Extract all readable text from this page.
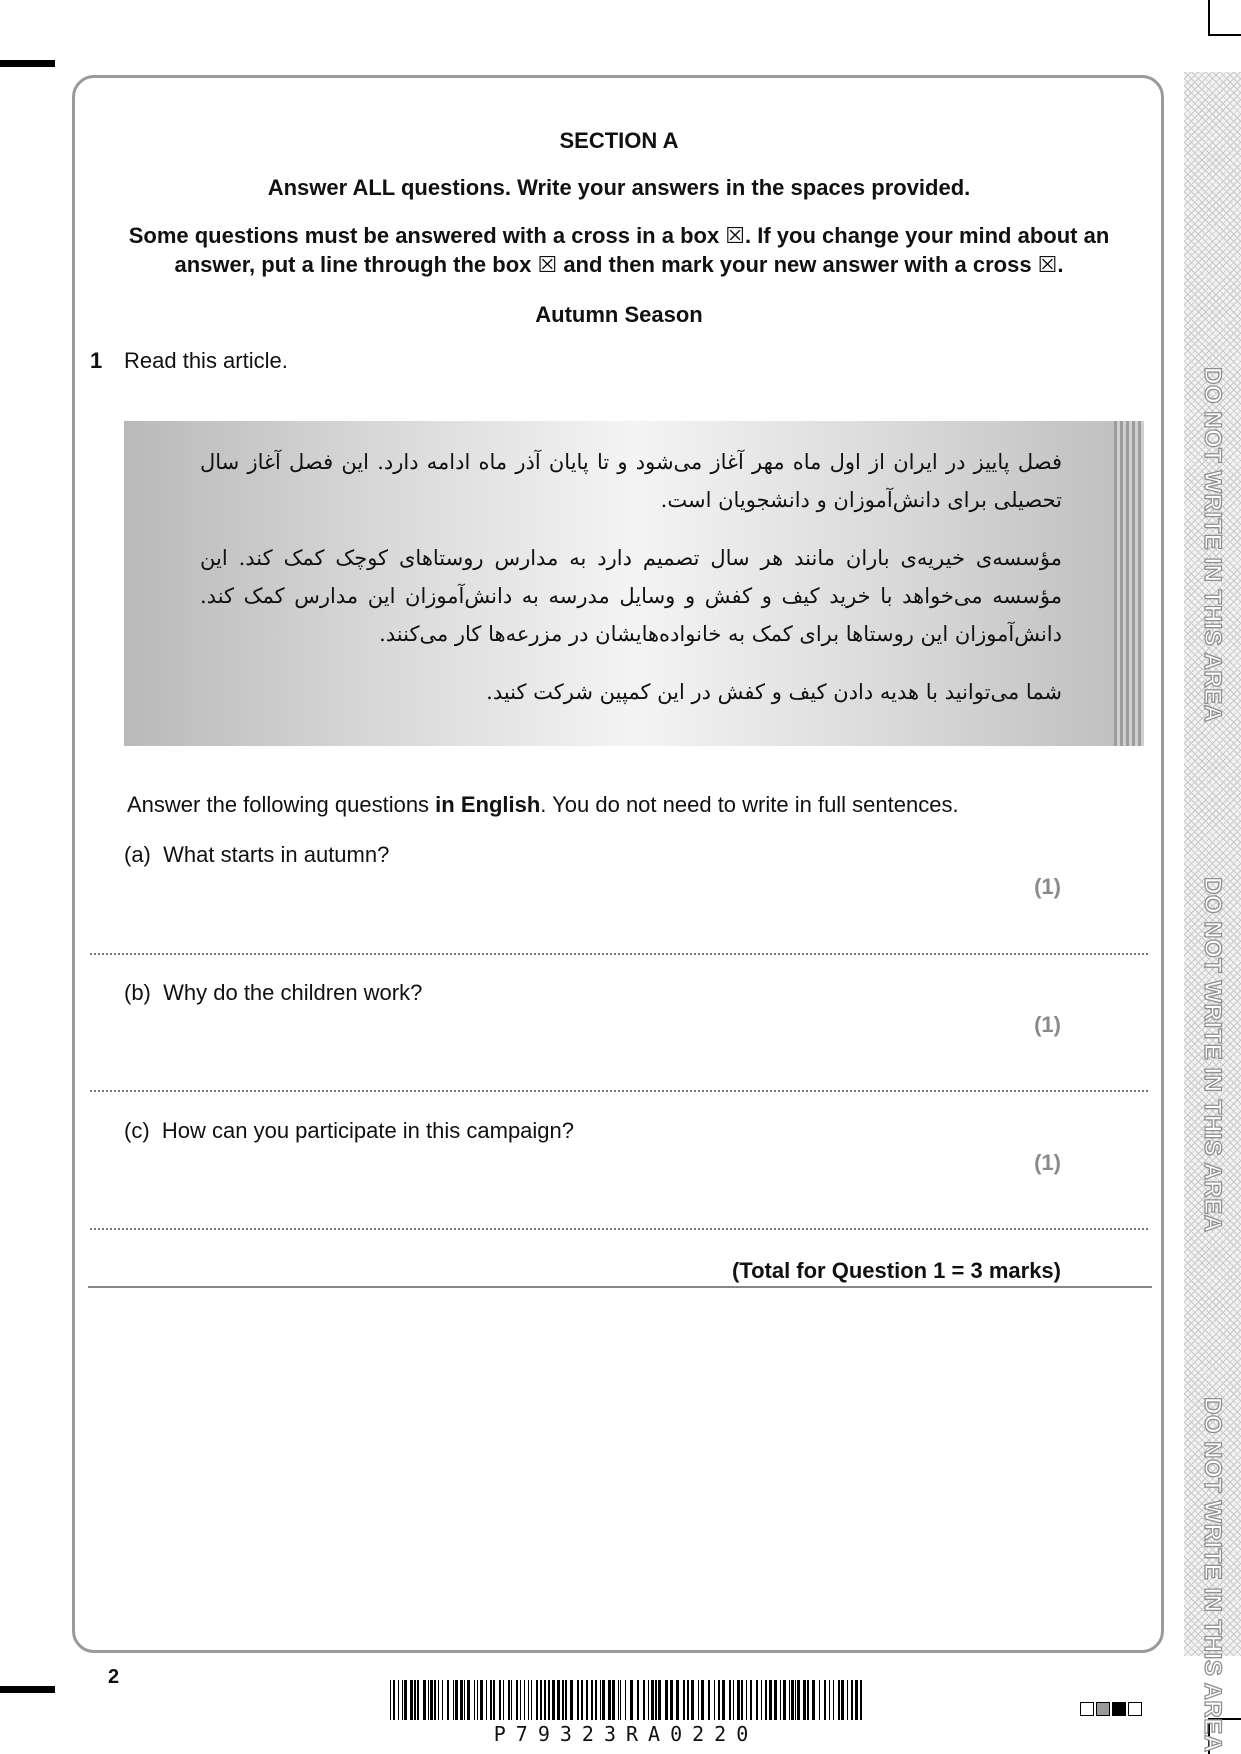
SECTION A
Answer ALL questions. Write your answers in the spaces provided.
Some questions must be answered with a cross in a box ☒. If you change your mind about an
answer, put a line through the box ☒ and then mark your new answer with a cross ☒.
Autumn Season
1 Read this article.

فصل پاییز در ایران از اول ماه مهر آغاز می‌شود و تا پایان آذر ماه ادامه دارد. این فصل آغاز سال تحصیلی برای دانش‌آموزان و دانشجویان است.

مؤسسه‌ی خیریه‌ی باران مانند هر سال تصمیم دارد به مدارس روستاهای کوچک کمک کند. این مؤسسه می‌خواهد با خرید کیف و کفش و وسایل مدرسه به دانش‌آموزان این مدارس کمک کند. دانش‌آموزان این روستاها برای کمک به خانواده‌هایشان در مزرعه‌ها کار می‌کنند.

شما می‌توانید با هدیه دادن کیف و کفش در این کمپین شرکت کنید.

Answer the following questions in English. You do not need to write in full sentences.
(a) What starts in autumn?
(1)
(b) Why do the children work?
(1)
(c) How can you participate in this campaign?
(1)
(Total for Question 1 = 3 marks)
2
P79323RA0220
